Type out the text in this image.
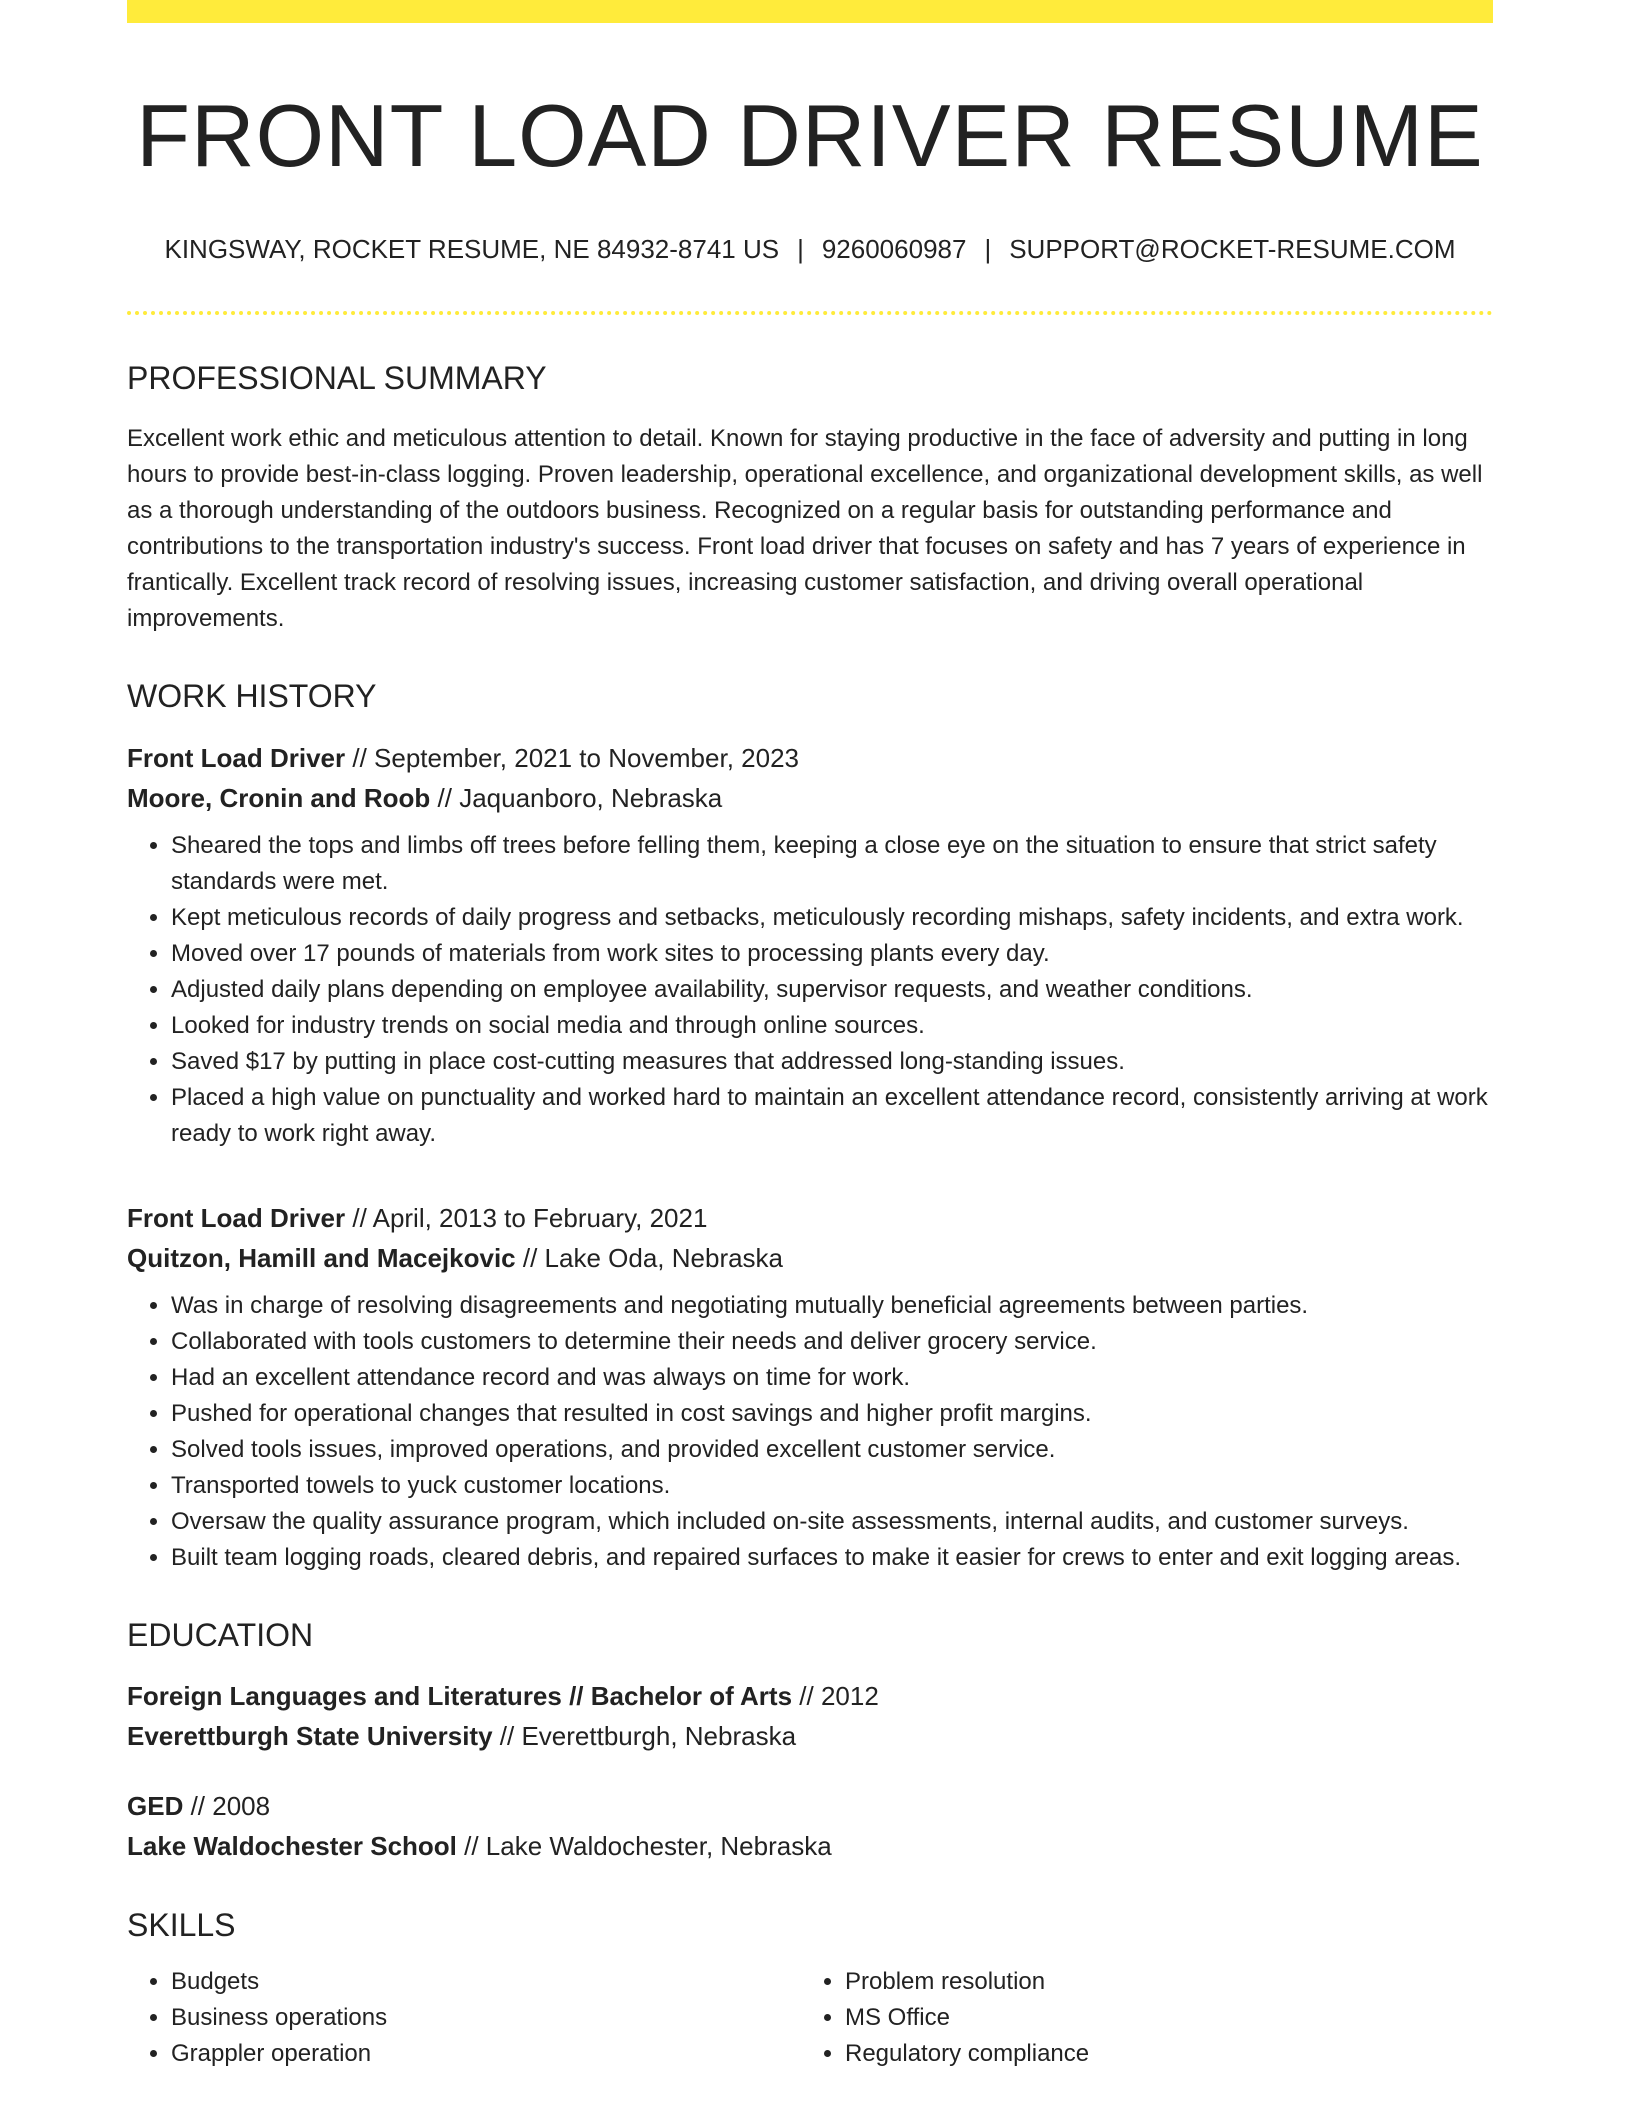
FRONT LOAD DRIVER RESUME
KINGSWAY, ROCKET RESUME, NE 84932-8741 US | 9260060987 | SUPPORT@ROCKET-RESUME.COM
PROFESSIONAL SUMMARY

Excellent work ethic and meticulous attention to detail. Known for staying productive in the face of adversity and putting in long hours to provide best-in-class logging. Proven leadership, operational excellence, and organizational development skills, as well as a thorough understanding of the outdoors business. Recognized on a regular basis for outstanding performance and contributions to the transportation industry's success. Front load driver that focuses on safety and has 7 years of experience in frantically. Excellent track record of resolving issues, increasing customer satisfaction, and driving overall operational improvements.

WORK HISTORY
Front Load Driver // September, 2021 to November, 2023
Moore, Cronin and Roob // Jaquanboro, Nebraska
• Sheared the tops and limbs off trees before felling them, keeping a close eye on the situation to ensure that strict safety standards were met.
• Kept meticulous records of daily progress and setbacks, meticulously recording mishaps, safety incidents, and extra work.
• Moved over 17 pounds of materials from work sites to processing plants every day.
• Adjusted daily plans depending on employee availability, supervisor requests, and weather conditions.
• Looked for industry trends on social media and through online sources.
• Saved $17 by putting in place cost-cutting measures that addressed long-standing issues.
• Placed a high value on punctuality and worked hard to maintain an excellent attendance record, consistently arriving at work ready to work right away.
Front Load Driver // April, 2013 to February, 2021
Quitzon, Hamill and Macejkovic // Lake Oda, Nebraska
• Was in charge of resolving disagreements and negotiating mutually beneficial agreements between parties.
• Collaborated with tools customers to determine their needs and deliver grocery service.
• Had an excellent attendance record and was always on time for work.
• Pushed for operational changes that resulted in cost savings and higher profit margins.
• Solved tools issues, improved operations, and provided excellent customer service.
• Transported towels to yuck customer locations.
• Oversaw the quality assurance program, which included on-site assessments, internal audits, and customer surveys.
• Built team logging roads, cleared debris, and repaired surfaces to make it easier for crews to enter and exit logging areas.
EDUCATION
Foreign Languages and Literatures // Bachelor of Arts // 2012
Everettburgh State University // Everettburgh, Nebraska
GED // 2008
Lake Waldochester School // Lake Waldochester, Nebraska
SKILLS
• Budgets
• Business operations
• Grappler operation
• Problem resolution
• MS Office
• Regulatory compliance
